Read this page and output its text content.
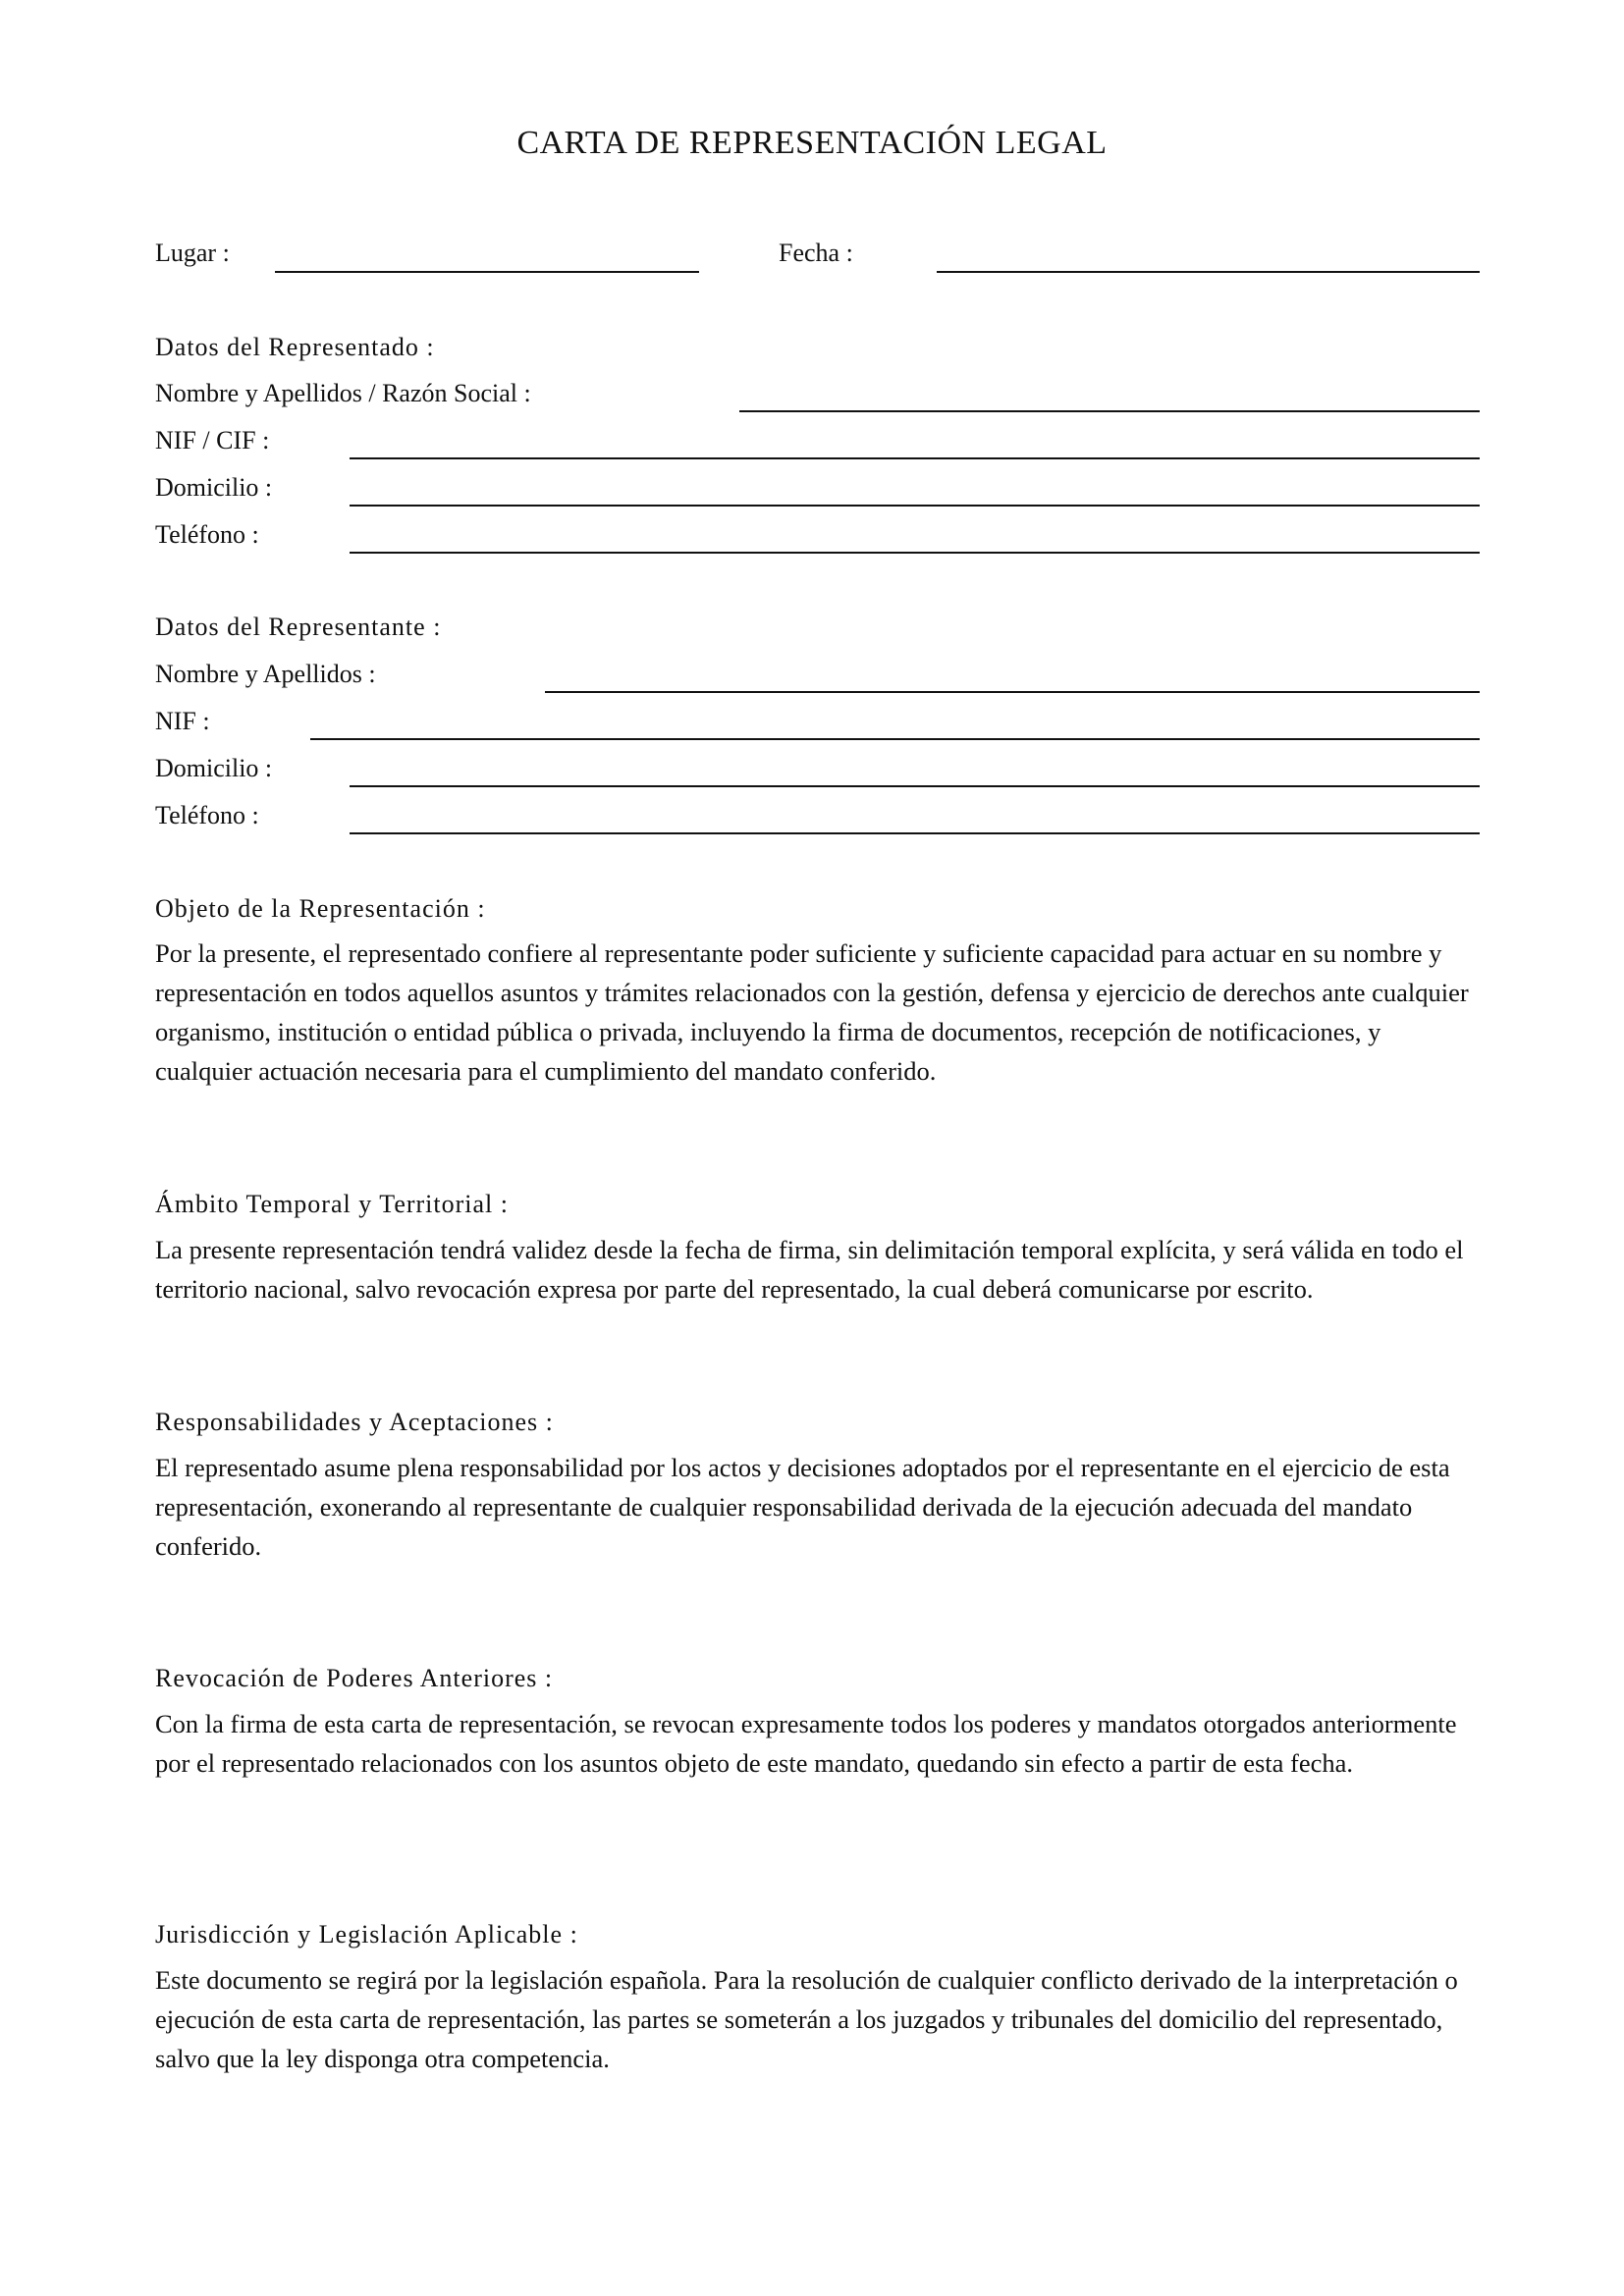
CARTA DE REPRESENTACIÓN LEGAL
Lugar :	Fecha :
Datos del Representado :
Nombre y Apellidos / Razón Social :
NIF / CIF :
Domicilio :
Teléfono :
Datos del Representante :
Nombre y Apellidos :
NIF :
Domicilio :
Teléfono :
Objeto de la Representación :
Por la presente, el representado confiere al representante poder suficiente y suficiente capacidad para actuar en su nombre y representación en todos aquellos asuntos y trámites relacionados con la gestión, defensa y ejercicio de derechos ante cualquier organismo, institución o entidad pública o privada, incluyendo la firma de documentos, recepción de notificaciones, y cualquier actuación necesaria para el cumplimiento del mandato conferido.
Ámbito Temporal y Territorial :
La presente representación tendrá validez desde la fecha de firma, sin delimitación temporal explícita, y será válida en todo el territorio nacional, salvo revocación expresa por parte del representado, la cual deberá comunicarse por escrito.
Responsabilidades y Aceptaciones :
El representado asume plena responsabilidad por los actos y decisiones adoptados por el representante en el ejercicio de esta representación, exonerando al representante de cualquier responsabilidad derivada de la ejecución adecuada del mandato conferido.
Revocación de Poderes Anteriores :
Con la firma de esta carta de representación, se revocan expresamente todos los poderes y mandatos otorgados anteriormente por el representado relacionados con los asuntos objeto de este mandato, quedando sin efecto a partir de esta fecha.
Jurisdicción y Legislación Aplicable :
Este documento se regirá por la legislación española. Para la resolución de cualquier conflicto derivado de la interpretación o ejecución de esta carta de representación, las partes se someterán a los juzgados y tribunales del domicilio del representado, salvo que la ley disponga otra competencia.
